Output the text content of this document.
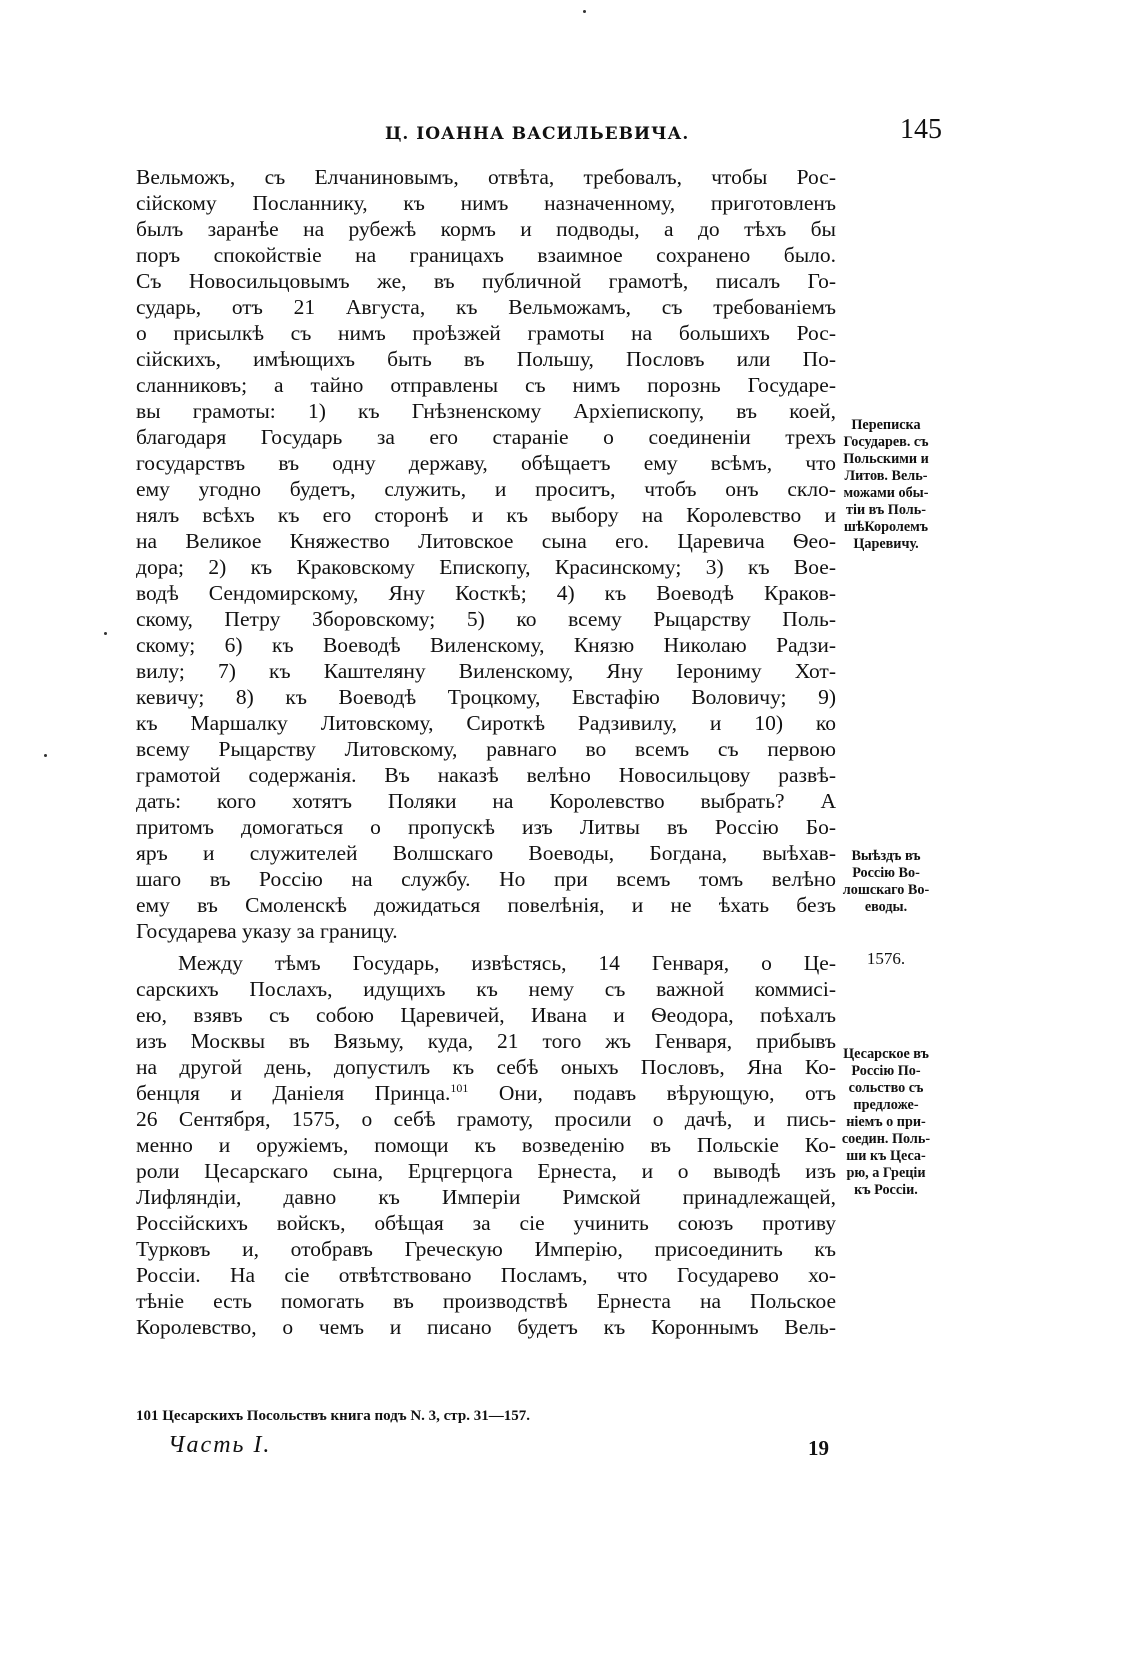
Ц. ІОАННА ВАСИЛЬЕВИЧА.	145
Вельможъ, съ Елчаниновымъ, отвѣта, требовалъ, чтобы Рос-
сійскому Посланнику, къ нимъ назначенному, приготовленъ
былъ заранѣе на рубежѣ кормъ и подводы, а до тѣхъ бы
поръ спокойствіе на границахъ взаимное сохранено было.
Съ Новосильцовымъ же, въ публичной грамотѣ, писалъ Го-
сударь, отъ 21 Августа, къ Вельможамъ, съ требованіемъ
о присылкѣ съ нимъ проѣзжей грамоты на большихъ Рос-
сійскихъ, имѣющихъ быть въ Польшу, Пословъ или По-
сланниковъ; а тайно отправлены съ нимъ порознь Государе-
вы грамоты: 1) къ Гнѣзненскому Архіепископу, въ коей,
благодаря Государь за его стараніе о соединеніи трехъ
государствъ въ одну державу, обѣщаетъ ему всѣмъ, что
ему угодно будетъ, служить, и проситъ, чтобъ онъ скло-
нялъ всѣхъ къ его сторонѣ и къ выбору на Королевство и
на Великое Княжество Литовское сына его. Царевича Ѳео-
дора; 2) къ Краковскому Епископу, Красинскому; 3) къ Вое-
водѣ Сендомирскому, Яну Косткѣ; 4) къ Воеводѣ Краков-
скому, Петру Зборовскому; 5) ко всему Рыцарству Поль-
скому; 6) къ Воеводѣ Виленскому, Князю Николаю Радзи-
вилу; 7) къ Каштеляну Виленскому, Яну Іерониму Хот-
кевичу; 8) къ Воеводѣ Троцкому, Евстафію Воловичу; 9)
къ Маршалку Литовскому, Сироткѣ Радзивилу, и 10) ко
всему Рыцарству Литовскому, равнаго во всемъ съ первою
грамотой содержанія. Въ наказѣ велѣно Новосильцову развѣ-
дать: кого хотятъ Поляки на Королевство выбрать? А
притомъ домогаться о пропускѣ изъ Литвы въ Россію Бо-
яръ и служителей Волшскаго Воеводы, Богдана, выѣхав-
шаго въ Россію на службу. Но при всемъ томъ велѣно
ему въ Смоленскѣ дожидаться повелѣнія, и не ѣхать безъ
Государева указу за границу.
Между тѣмъ Государь, извѣстясь, 14 Генваря, о Це-
сарскихъ Послахъ, идущихъ къ нему съ важной коммисі-
ею, взявъ съ собою Царевичей, Ивана и Ѳеодора, поѣхалъ
изъ Москвы въ Вязьму, куда, 21 того жъ Генваря, прибывъ
на другой день, допустилъ къ себѣ оныхъ Пословъ, Яна Ко-
бенцля и Даніеля Принца.$^{101}$ Они, подавъ вѣрующую, отъ
26 Сентября, 1575, о себѣ грамоту, просили о дачѣ, и пись-
менно и оружіемъ, помощи къ возведенію въ Польскіе Ко-
роли Цесарскаго сына, Ерцгерцога Ернеста, и о выводѣ изъ
Лифляндіи, давно къ Имперіи Римской принадлежащей,
Россійскихъ войскъ, обѣщая за сіе учинить союзъ противу
Турковъ и, отобравъ Греческую Имперію, присоединить къ
Россіи. На сіе отвѣтствовано Посламъ, что Государево хо-
тѣніе есть помогать въ производствѣ Ернеста на Польское
Королевство, о чемъ и писано будетъ къ Короннымъ Вель-
Переписка
Государев. съ
Польскими и
Литов. Вель-
можами обы-
тіи въ Поль-
шѣКоролемъ
Царевичу.
Выѣздъ въ
Россію Во-
лошскаго Во-
еводы.
1576.
Цесарское въ
Россію По-
сольство съ
предложе-
ніемъ о при-
соедин. Поль-
ши къ Цеса-
рю, а Греціи
къ Россіи.
101 Цесарскихъ Посольствъ книга подъ N. 3, стр. 31—157.
Часть I.	19
